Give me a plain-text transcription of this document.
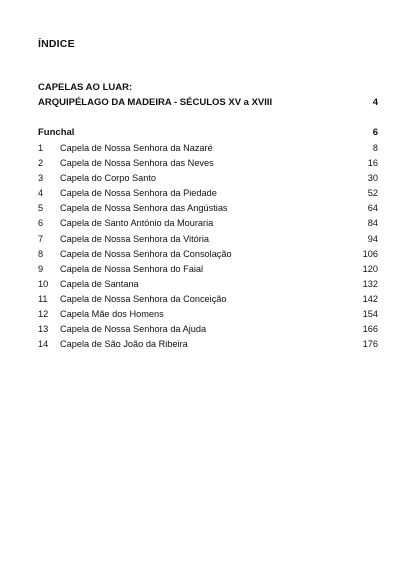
ÍNDICE
CAPELAS AO LUAR:
ARQUIPÉLAGO DA MADEIRA - SÉCULOS XV a XVIII	4
Funchal	6
1	Capela de Nossa Senhora da Nazaré	8
2	Capela de Nossa Senhora das Neves	16
3	Capela do Corpo Santo	30
4	Capela de Nossa Senhora da Piedade	52
5	Capela de Nossa Senhora das Angústias	64
6	Capela de Santo António da Mouraria	84
7	Capela de Nossa Senhora da Vitória	94
8	Capela de Nossa Senhora da Consolação	106
9	Capela de Nossa Senhora do Faial	120
10	Capela de Santana	132
11	Capela de Nossa Senhora da Conceição	142
12	Capela Mãe dos Homens	154
13	Capela de Nossa Senhora da Ajuda	166
14	Capela de São João da Ribeira	176
